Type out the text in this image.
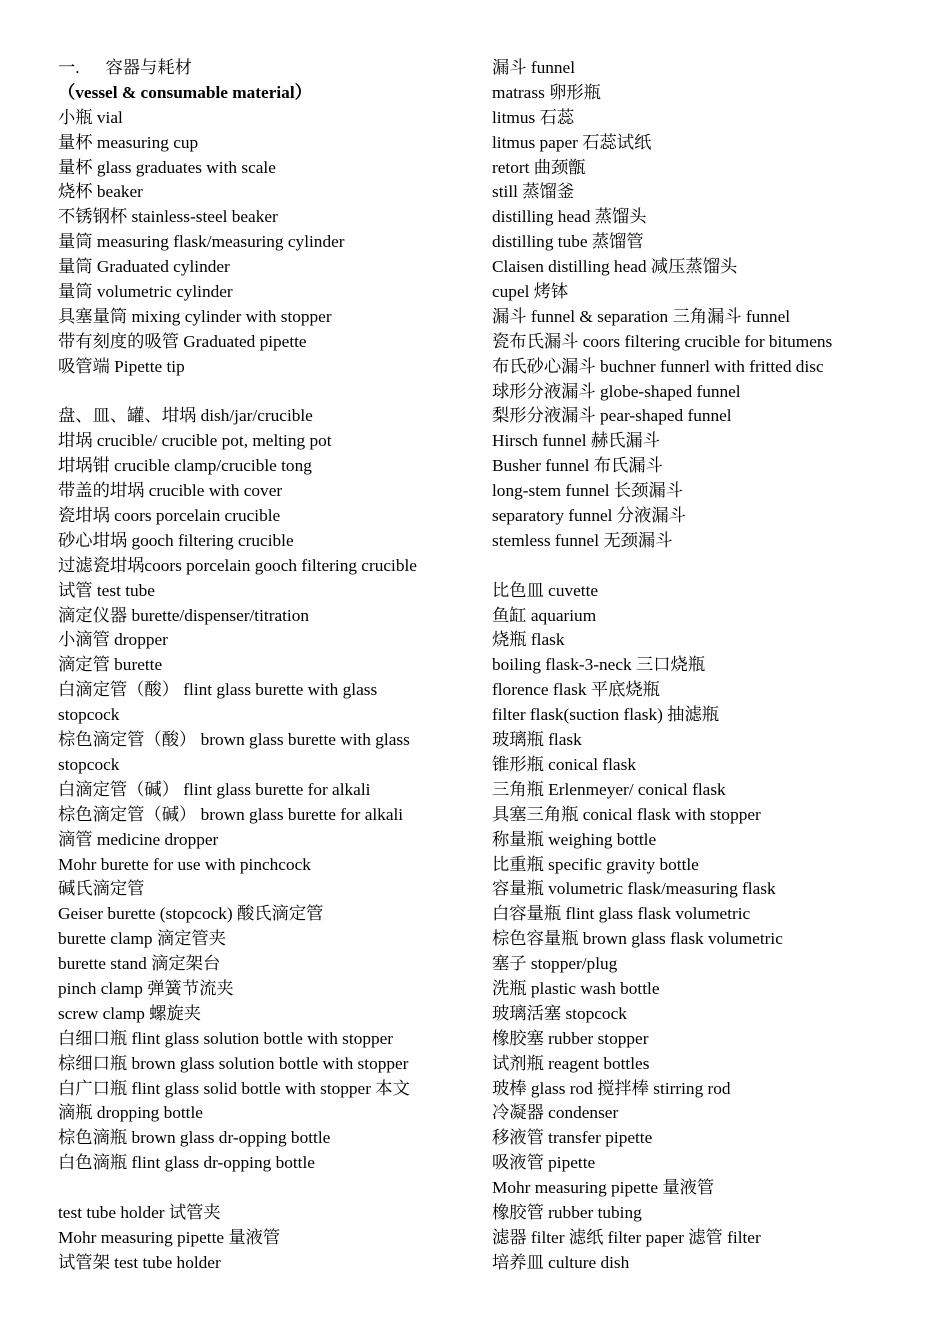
一.      容器与耗材
（vessel & consumable material）
小瓶 vial
量杯 measuring cup
量杯 glass graduates with scale
烧杯 beaker
不锈钢杯 stainless-steel beaker
量筒 measuring flask/measuring cylinder
量筒 Graduated cylinder
量筒 volumetric cylinder
具塞量筒 mixing cylinder with stopper
带有刻度的吸管 Graduated pipette
吸管端 Pipette tip
盘、皿、罐、坩埚 dish/jar/crucible
坩埚 crucible/ crucible pot, melting pot
坩埚钳 crucible clamp/crucible tong
带盖的坩埚 crucible with cover
瓷坩埚 coors porcelain crucible
砂心坩埚 gooch filtering crucible
过滤瓷坩埚coors porcelain gooch filtering crucible
试管 test tube
滴定仪器 burette/dispenser/titration
小滴管 dropper
滴定管 burette
白滴定管（酸） flint glass burette with glass
stopcock
棕色滴定管（酸） brown glass burette with glass
stopcock
白滴定管（碱） flint glass burette for alkali
棕色滴定管（碱） brown glass burette for alkali
滴管 medicine dropper
Mohr burette for use with pinchcock
碱氏滴定管
Geiser burette (stopcock) 酸氏滴定管
burette clamp 滴定管夹
burette stand 滴定架台
pinch clamp 弹簧节流夹
screw clamp 螺旋夹
白细口瓶 flint glass solution bottle with stopper
棕细口瓶 brown glass solution bottle with stopper
白广口瓶 flint glass solid bottle with stopper 本文
滴瓶 dropping bottle
棕色滴瓶 brown glass dr-opping bottle
白色滴瓶 flint glass dr-opping bottle
test tube holder 试管夹
Mohr measuring pipette 量液管
试管架 test tube holder
漏斗 funnel
matrass 卵形瓶
litmus 石蕊
litmus paper 石蕊试纸
retort 曲颈甑
still 蒸馏釜
distilling head 蒸馏头
distilling tube 蒸馏管
Claisen distilling head 减压蒸馏头
cupel 烤钵
漏斗 funnel & separation 三角漏斗 funnel
瓷布氏漏斗 coors filtering crucible for bitumens
布氏砂心漏斗 buchner funnerl with fritted disc
球形分液漏斗 globe-shaped funnel
梨形分液漏斗 pear-shaped funnel
Hirsch funnel 赫氏漏斗
Busher funnel 布氏漏斗
long-stem funnel 长颈漏斗
separatory funnel 分液漏斗
stemless funnel 无颈漏斗
比色皿 cuvette
鱼缸 aquarium
烧瓶 flask
boiling flask-3-neck 三口烧瓶
florence flask 平底烧瓶
filter flask(suction flask) 抽滤瓶
玻璃瓶 flask
锥形瓶 conical flask
三角瓶 Erlenmeyer/ conical flask
具塞三角瓶 conical flask with stopper
称量瓶 weighing bottle
比重瓶 specific gravity bottle
容量瓶 volumetric flask/measuring flask
白容量瓶 flint glass flask volumetric
棕色容量瓶 brown glass flask volumetric
塞子 stopper/plug
洗瓶 plastic wash bottle
玻璃活塞 stopcock
橡胶塞 rubber stopper
试剂瓶 reagent bottles
玻棒 glass rod 搅拌棒 stirring rod
冷凝器 condenser
移液管 transfer pipette
吸液管 pipette
Mohr measuring pipette 量液管
橡胶管 rubber tubing
滤器 filter 滤纸 filter paper 滤管 filter
培养皿 culture dish
